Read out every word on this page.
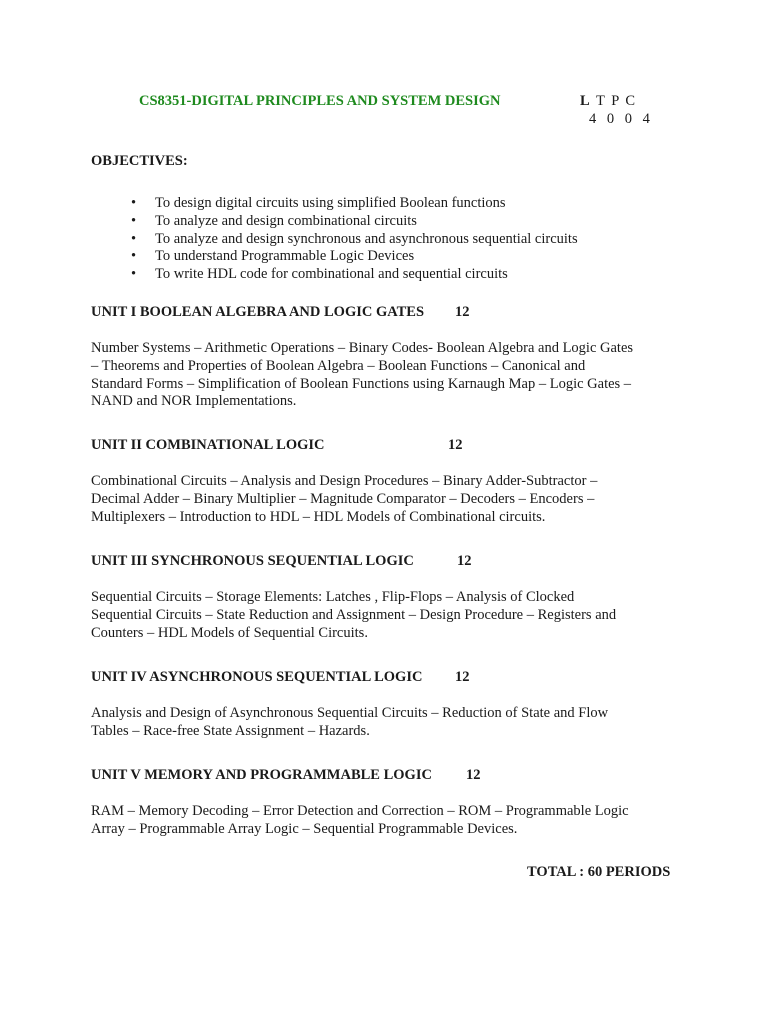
CS8351-DIGITAL PRINCIPLES AND SYSTEM DESIGN	L T P C
4 0 0 4
OBJECTIVES:
• To design digital circuits using simplified Boolean functions
• To analyze and design combinational circuits
• To analyze and design synchronous and asynchronous sequential circuits
• To understand Programmable Logic Devices
• To write HDL code for combinational and sequential circuits
UNIT I BOOLEAN ALGEBRA AND LOGIC GATES 12
Number Systems – Arithmetic Operations – Binary Codes- Boolean Algebra and Logic Gates
– Theorems and Properties of Boolean Algebra – Boolean Functions – Canonical and
Standard Forms – Simplification of Boolean Functions using Karnaugh Map – Logic Gates –
NAND and NOR Implementations.
UNIT II COMBINATIONAL LOGIC	12
Combinational Circuits – Analysis and Design Procedures – Binary Adder-Subtractor –
Decimal Adder – Binary Multiplier – Magnitude Comparator – Decoders – Encoders –
Multiplexers – Introduction to HDL – HDL Models of Combinational circuits.
UNIT III SYNCHRONOUS SEQUENTIAL LOGIC	12
Sequential Circuits – Storage Elements: Latches , Flip-Flops – Analysis of Clocked
Sequential Circuits – State Reduction and Assignment – Design Procedure – Registers and
Counters – HDL Models of Sequential Circuits.
UNIT IV ASYNCHRONOUS SEQUENTIAL LOGIC 12
Analysis and Design of Asynchronous Sequential Circuits – Reduction of State and Flow
Tables – Race-free State Assignment – Hazards.
UNIT V MEMORY AND PROGRAMMABLE LOGIC 12
RAM – Memory Decoding – Error Detection and Correction – ROM – Programmable Logic
Array – Programmable Array Logic – Sequential Programmable Devices.
TOTAL : 60 PERIODS
